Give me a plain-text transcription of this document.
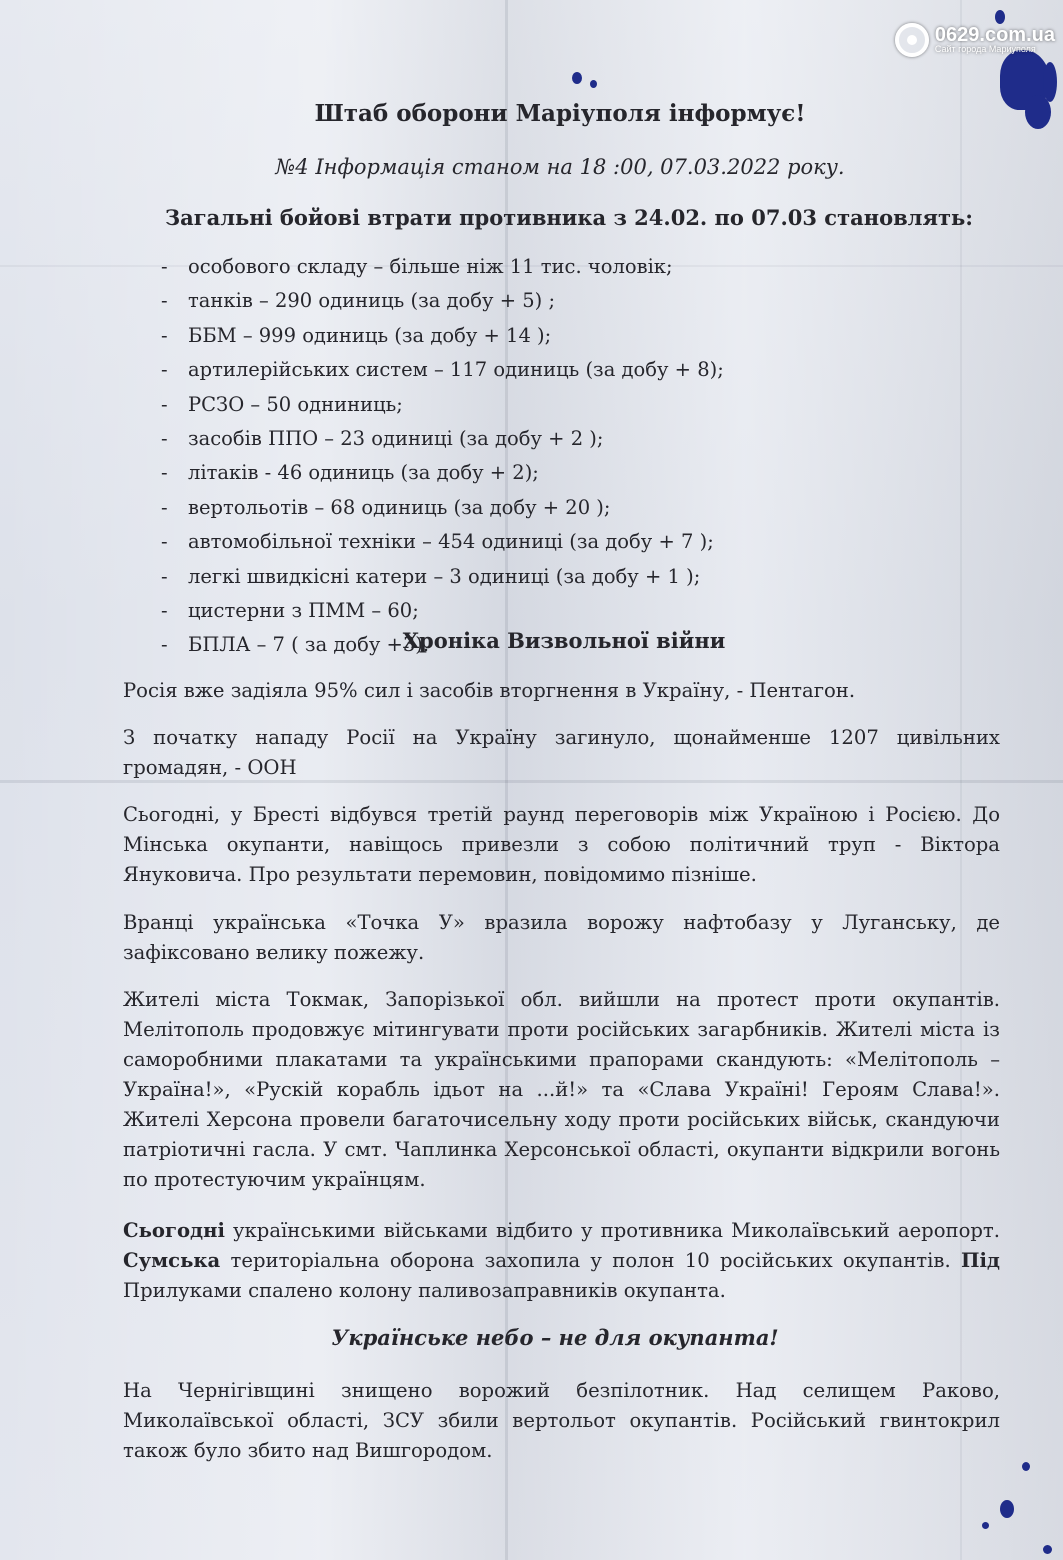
0629.com.ua
Сайт города Мариуполя
Штаб оборони Маріуполя інформує!

№4 Інформація станом на 18 :00, 07.03.2022 року.

Загальні бойові втрати противника з 24.02. по 07.03 становлять:

- особового складу – більше ніж 11 тис. чоловік;
- танків – 290 одиниць (за добу + 5) ;
- ББМ – 999 одиниць (за добу + 14 );
- артилерійських систем – 117 одиниць (за добу + 8);
- РСЗО – 50 одниниць;
- засобів ППО – 23 одиниці (за добу + 2 );
- літаків - 46 одиниць (за добу + 2);
- вертольотів – 68 одиниць (за добу + 20 );
- автомобільної техніки – 454 одиниці (за добу + 7 );
- легкі швидкісні катери – 3 одиниці (за добу + 1 );
- цистерни з ПММ – 60;
- БПЛА – 7 ( за добу +3).
Хроніка Визвольної війни

Росія вже задіяла 95% сил і засобів вторгнення в Україну, - Пентагон.

З початку нападу Росії на Україну загинуло, щонайменше 1207 цивільних громадян, - ООН

Сьогодні, у Бресті відбувся третій раунд переговорів між Україною і Росією. До Мінська окупанти, навіщось привезли з собою політичний труп - Віктора Януковича. Про результати перемовин, повідомимо пізніше.

Вранці українська «Точка У» вразила ворожу нафтобазу у Луганську, де зафіксовано велику пожежу.

Жителі міста Токмак, Запорізької обл. вийшли на протест проти окупантів. Мелітополь продовжує мітингувати проти російських загарбників. Жителі міста із саморобними плакатами та українськими прапорами скандують: «Мелітополь – Україна!», «Рускій корабль ідьот на ...й!» та «Слава Україні! Героям Слава!». Жителі Херсона провели багаточисельну ходу проти російських військ, скандуючи патріотичні гасла. У смт. Чаплинка Херсонської області, окупанти відкрили вогонь по протестуючим українцям.

Сьогодні українськими військами відбито у противника Миколаївський аеропорт. Сумська територіальна оборона захопила у полон 10 російських окупантів. Під Прилуками спалено колону паливозаправників окупанта.

Українське небо – не для окупанта!

На Чернігівщині знищено ворожий безпілотник. Над селищем Раково, Миколаївської області, ЗСУ збили вертольот окупантів. Російський гвинтокрил також було збито над Вишгородом.
